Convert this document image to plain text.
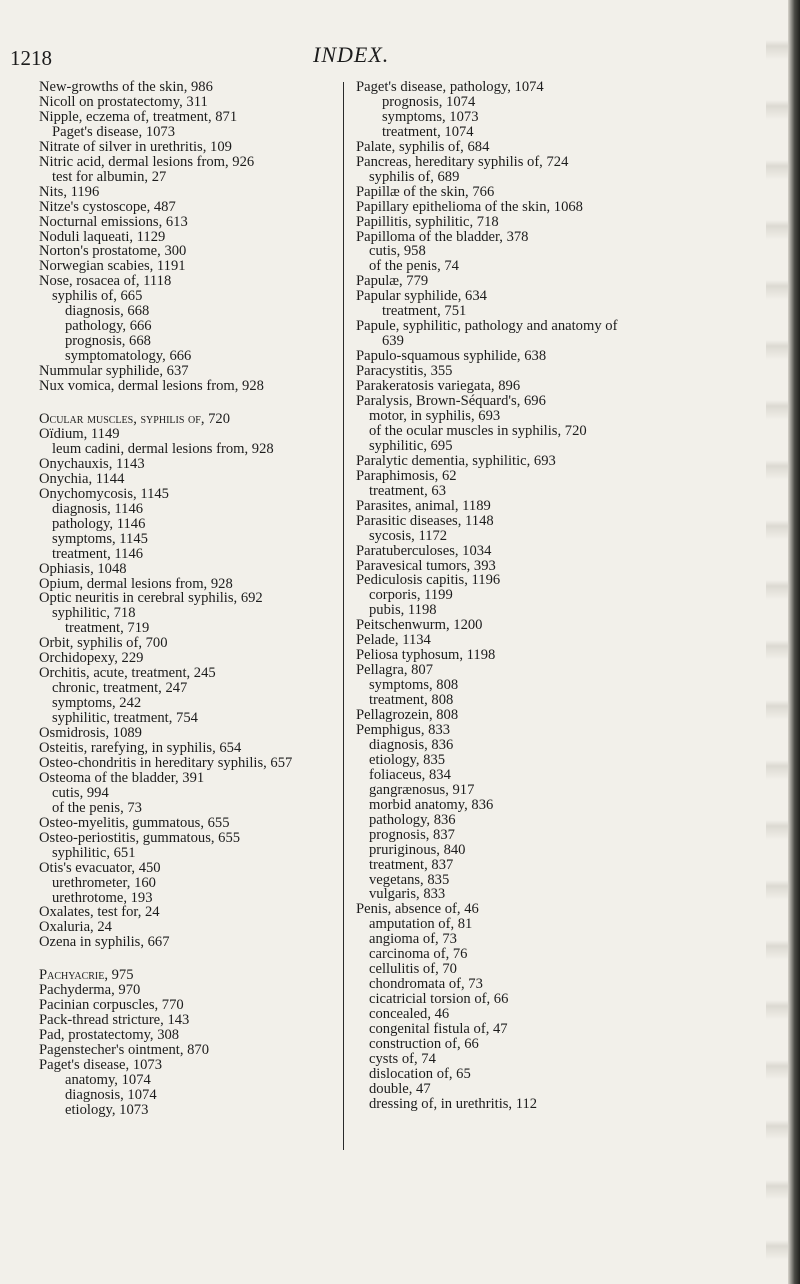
1218	INDEX.
New-growths of the skin, 986
Nicoll on prostatectomy, 311
Nipple, eczema of, treatment, 871
Paget's disease, 1073
Nitrate of silver in urethritis, 109
Nitric acid, dermal lesions from, 926
test for albumin, 27
Nits, 1196
Nitze's cystoscope, 487
Nocturnal emissions, 613
Noduli laqueati, 1129
Norton's prostatome, 300
Norwegian scabies, 1191
Nose, rosacea of, 1118
syphilis of, 665
diagnosis, 668
pathology, 666
prognosis, 668
symptomatology, 666
Nummular syphilide, 637
Nux vomica, dermal lesions from, 928
Ocular muscles, syphilis of, 720
Oïdium, 1149
leum cadini, dermal lesions from, 928
Onychauxis, 1143
Onychia, 1144
Onychomycosis, 1145
diagnosis, 1146
pathology, 1146
symptoms, 1145
treatment, 1146
Ophiasis, 1048
Opium, dermal lesions from, 928
Optic neuritis in cerebral syphilis, 692
syphilitic, 718
treatment, 719
Orbit, syphilis of, 700
Orchidopexy, 229
Orchitis, acute, treatment, 245
chronic, treatment, 247
symptoms, 242
syphilitic, treatment, 754
Osmidrosis, 1089
Osteitis, rarefying, in syphilis, 654
Osteo-chondritis in hereditary syphilis, 657
Osteoma of the bladder, 391
cutis, 994
of the penis, 73
Osteo-myelitis, gummatous, 655
Osteo-periostitis, gummatous, 655
syphilitic, 651
Otis's evacuator, 450
urethrometer, 160
urethrotome, 193
Oxalates, test for, 24
Oxaluria, 24
Ozena in syphilis, 667
Pachyacrie, 975
Pachyderma, 970
Pacinian corpuscles, 770
Pack-thread stricture, 143
Pad, prostatectomy, 308
Pagenstecher's ointment, 870
Paget's disease, 1073
anatomy, 1074
diagnosis, 1074
etiology, 1073
Paget's disease, pathology, 1074
prognosis, 1074
symptoms, 1073
treatment, 1074
Palate, syphilis of, 684
Pancreas, hereditary syphilis of, 724
syphilis of, 689
Papillæ of the skin, 766
Papillary epithelioma of the skin, 1068
Papillitis, syphilitic, 718
Papilloma of the bladder, 378
cutis, 958
of the penis, 74
Papulæ, 779
Papular syphilide, 634
treatment, 751
Papule, syphilitic, pathology and anatomy of
639
Papulo-squamous syphilide, 638
Paracystitis, 355
Parakeratosis variegata, 896
Paralysis, Brown-Séquard's, 696
motor, in syphilis, 693
of the ocular muscles in syphilis, 720
syphilitic, 695
Paralytic dementia, syphilitic, 693
Paraphimosis, 62
treatment, 63
Parasites, animal, 1189
Parasitic diseases, 1148
sycosis, 1172
Paratuberculoses, 1034
Paravesical tumors, 393
Pediculosis capitis, 1196
corporis, 1199
pubis, 1198
Peitschenwurm, 1200
Pelade, 1134
Peliosa typhosum, 1198
Pellagra, 807
symptoms, 808
treatment, 808
Pellagrozein, 808
Pemphigus, 833
diagnosis, 836
etiology, 835
foliaceus, 834
gangrænosus, 917
morbid anatomy, 836
pathology, 836
prognosis, 837
pruriginous, 840
treatment, 837
vegetans, 835
vulgaris, 833
Penis, absence of, 46
amputation of, 81
angioma of, 73
carcinoma of, 76
cellulitis of, 70
chondromata of, 73
cicatricial torsion of, 66
concealed, 46
congenital fistula of, 47
construction of, 66
cysts of, 74
dislocation of, 65
double, 47
dressing of, in urethritis, 112
